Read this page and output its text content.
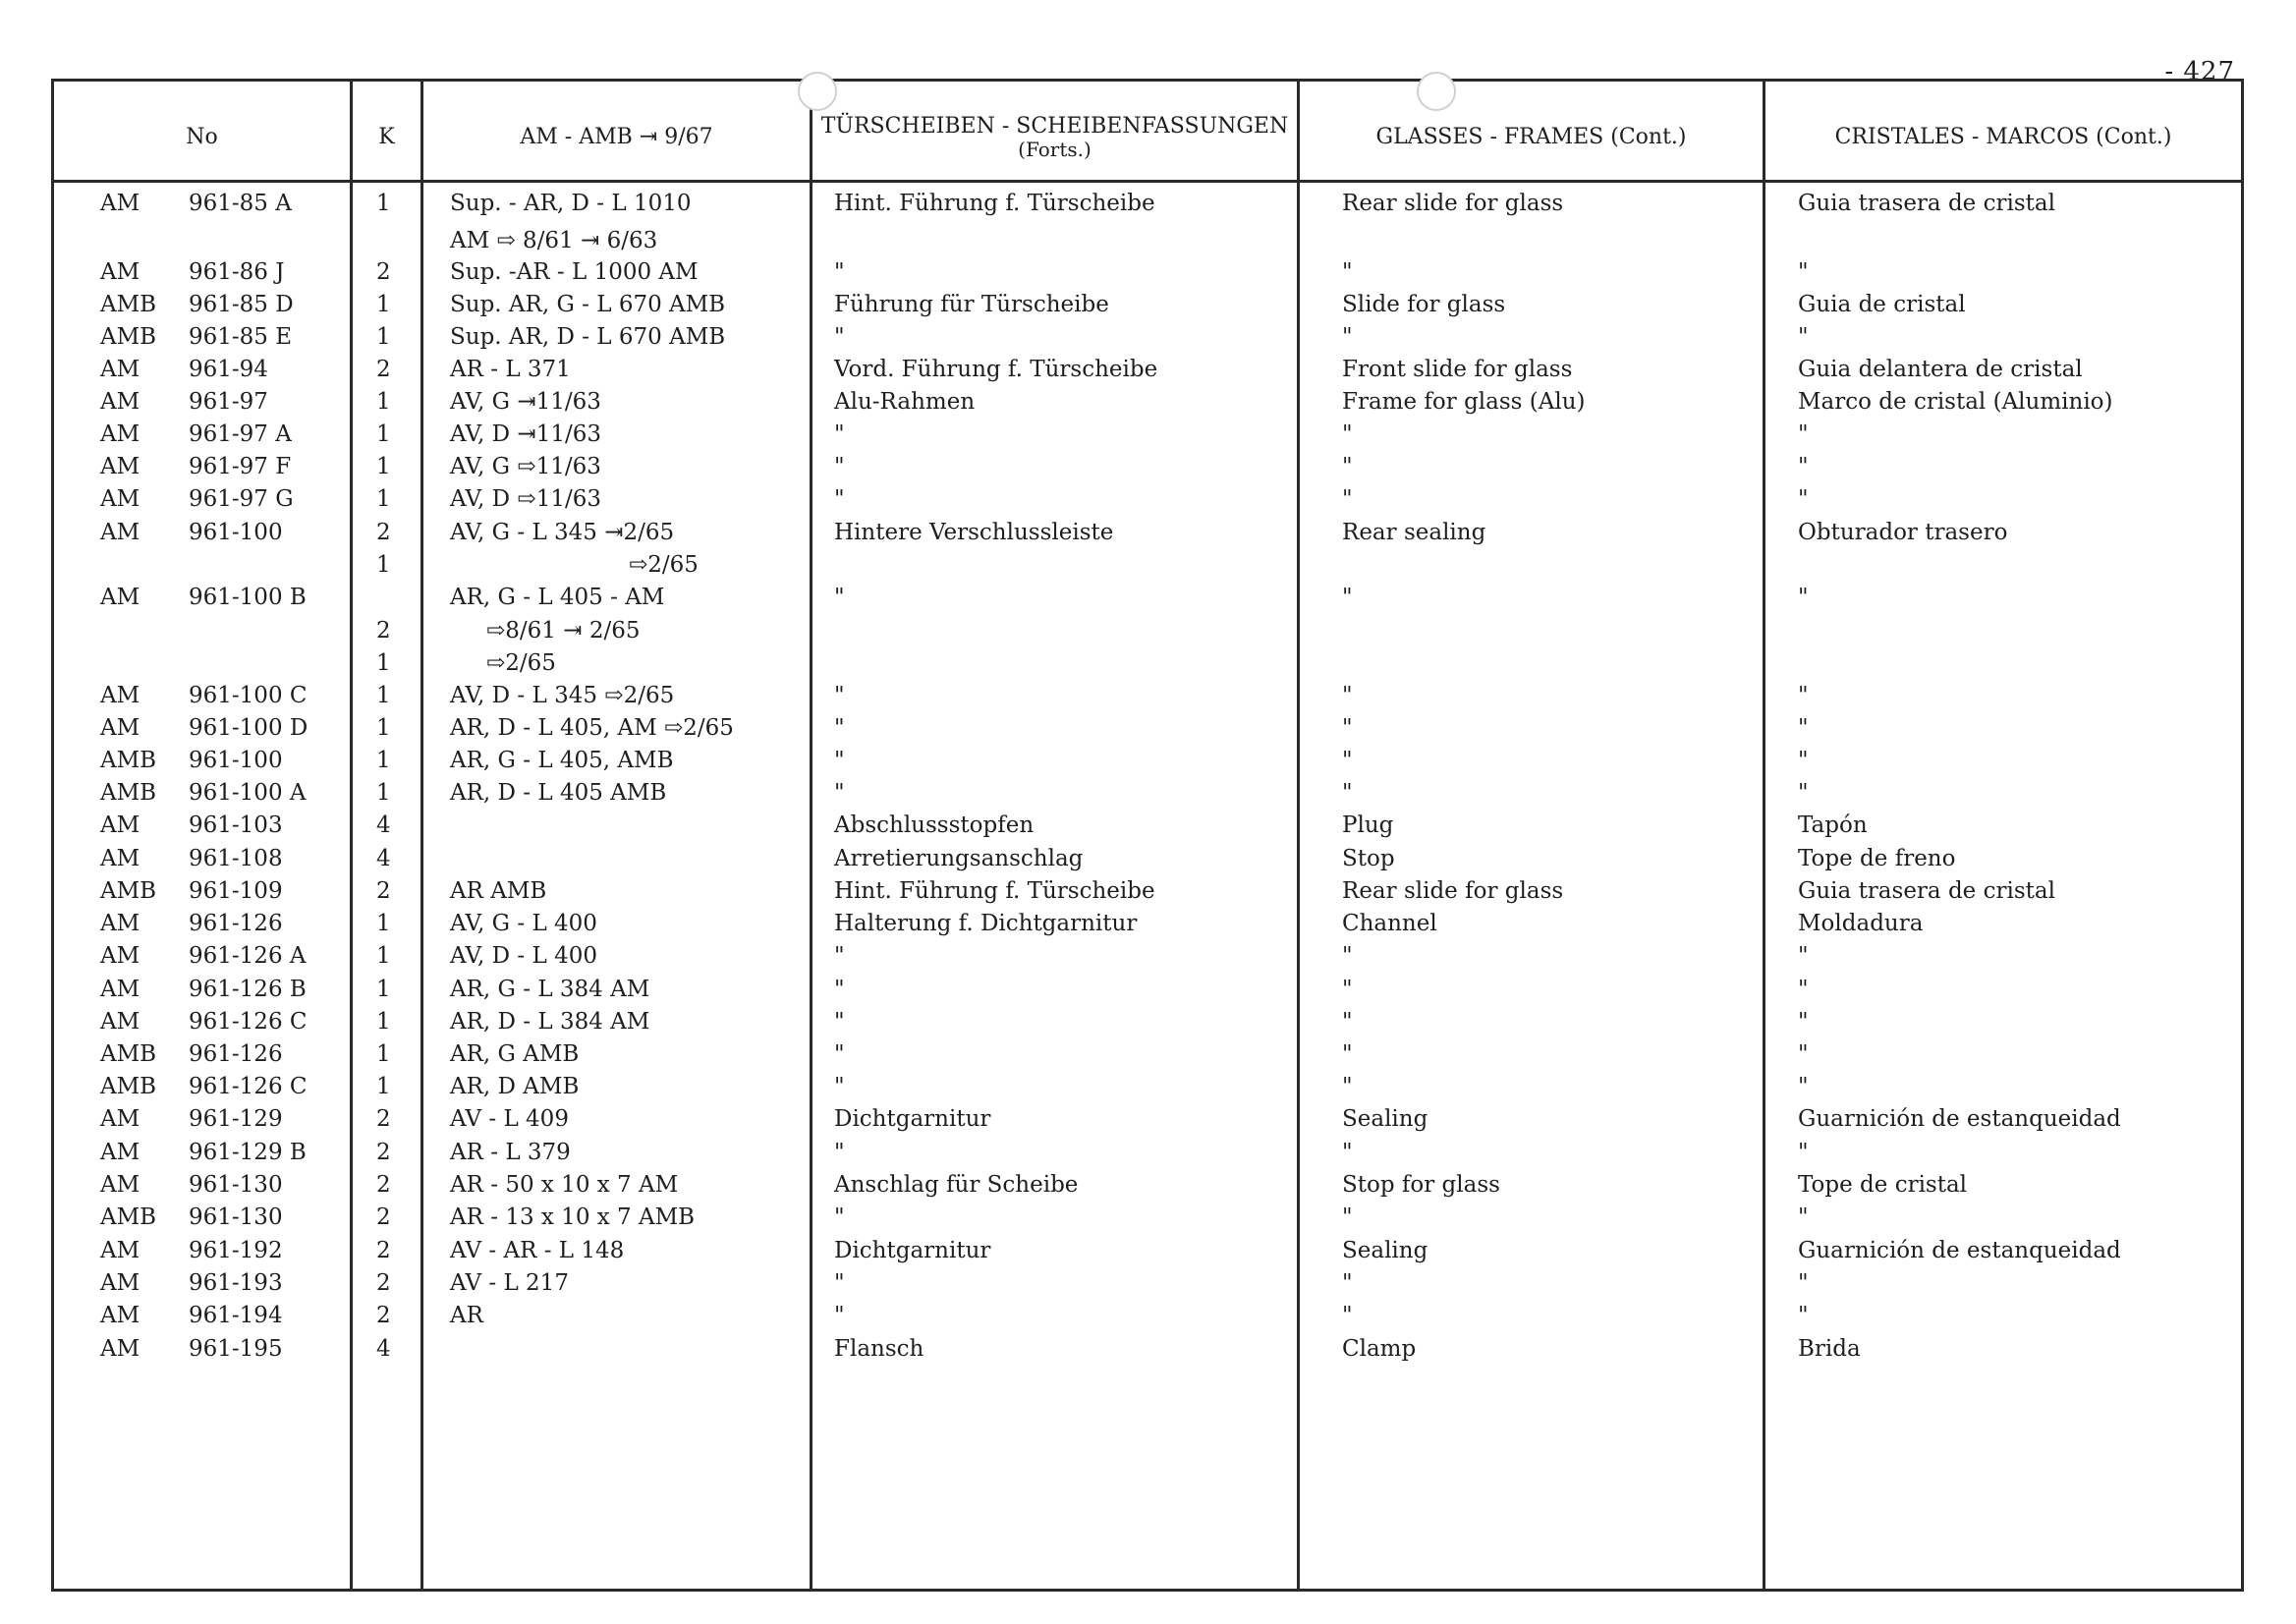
- 427
No	K	AM - AMB ⇥ 9/67	TÜRSCHEIBEN - SCHEIBENFASSUNGEN
(Forts.)
GLASSES - FRAMES (Cont.)	CRISTALES - MARCOS (Cont.)
AM 961-85 A	1	Sup. - AR, D - L 1010	Hint. Führung f. Türscheibe	Rear slide for glass	Guia trasera de cristal
AM ⇨ 8/61 ⇥ 6/63
AM 961-86 J	2	Sup. -AR - L 1000 AM	"	"	"
AMB 961-85 D	1	Sup. AR, G - L 670 AMB	Führung für Türscheibe	Slide for glass	Guia de cristal
AMB 961-85 E	1	Sup. AR, D - L 670 AMB	"	"	"
AM 961-94	2	AR - L 371	Vord. Führung f. Türscheibe	Front slide for glass	Guia delantera de cristal
AM 961-97	1	AV, G ⇥11/63	Alu-Rahmen	Frame for glass (Alu)	Marco de cristal (Aluminio)
AM 961-97 A	1	AV, D ⇥11/63	"	"	"
AM 961-97 F	1	AV, G ⇨11/63	"	"	"
AM 961-97 G	1	AV, D ⇨11/63	"	"	"
AM 961-100	2	AV, G - L 345 ⇥2/65	Hintere Verschlussleiste	Rear sealing	Obturador trasero
1	⇨2/65
AM 961-100 B	AR, G - L 405 - AM	"	"	"
2	⇨8/61 ⇥ 2/65
1	⇨2/65
AM 961-100 C	1	AV, D - L 345 ⇨2/65	"	"	"
AM 961-100 D	1	AR, D - L 405, AM ⇨2/65	"	"	"
AMB 961-100	1	AR, G - L 405, AMB	"	"	"
AMB 961-100 A	1	AR, D - L 405 AMB	"	"	"
AM 961-103	4	Abschlussstopfen	Plug	Tapón
AM 961-108	4	Arretierungsanschlag	Stop	Tope de freno
AMB 961-109	2	AR AMB	Hint. Führung f. Türscheibe	Rear slide for glass	Guia trasera de cristal
AM 961-126	1	AV, G - L 400	Halterung f. Dichtgarnitur	Channel	Moldadura
AM 961-126 A	1	AV, D - L 400	"	"	"
AM 961-126 B	1	AR, G - L 384 AM	"	"	"
AM 961-126 C	1	AR, D - L 384 AM	"	"	"
AMB 961-126	1	AR, G AMB	"	"	"
AMB 961-126 C	1	AR, D AMB	"	"	"
AM 961-129	2	AV - L 409	Dichtgarnitur	Sealing	Guarnición de estanqueidad
AM 961-129 B	2	AR - L 379	"	"	"
AM 961-130	2	AR - 50 x 10 x 7 AM	Anschlag für Scheibe	Stop for glass	Tope de cristal
AMB 961-130	2	AR - 13 x 10 x 7 AMB	"	"	"
AM 961-192	2	AV - AR - L 148	Dichtgarnitur	Sealing	Guarnición de estanqueidad
AM 961-193	2	AV - L 217	"	"	"
AM 961-194	2	AR	"	"	"
AM 961-195	4	Flansch	Clamp	Brida
